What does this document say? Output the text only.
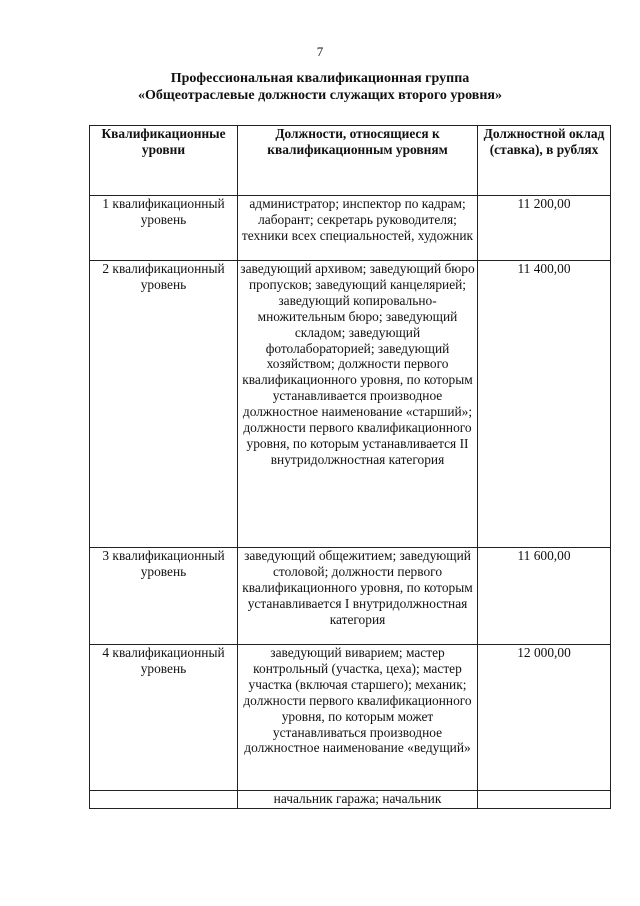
7
Профессиональная квалификационная группа
«Общеотраслевые должности служащих второго уровня»
Квалификационные уровни	Должности, относящиеся к квалификационным уровням	Должностной оклад (ставка), в рублях
1 квалификационный уровень	администратор; инспектор по кадрам; лаборант; секретарь руководителя; техники всех специальностей, художник	11 200,00
2 квалификационный уровень	заведующий архивом; заведующий бюро пропусков; заведующий канцелярией; заведующий копировально-множительным бюро; заведующий складом; заведующий фотолабораторией; заведующий хозяйством; должности первого квалификационного уровня, по которым устанавливается производное должностное наименование «старший»; должности первого квалификационного уровня, по которым устанавливается II внутридолжностная категория	11 400,00
3 квалификационный уровень	заведующий общежитием; заведующий столовой; должности первого квалификационного уровня, по которым устанавливается I внутридолжностная категория	11 600,00
4 квалификационный уровень	заведующий виварием; мастер контрольный (участка, цеха); мастер участка (включая старшего); механик; должности первого квалификационного уровня, по которым может устанавливаться производное должностное наименование «ведущий»	12 000,00
	начальник гаража; начальник	
